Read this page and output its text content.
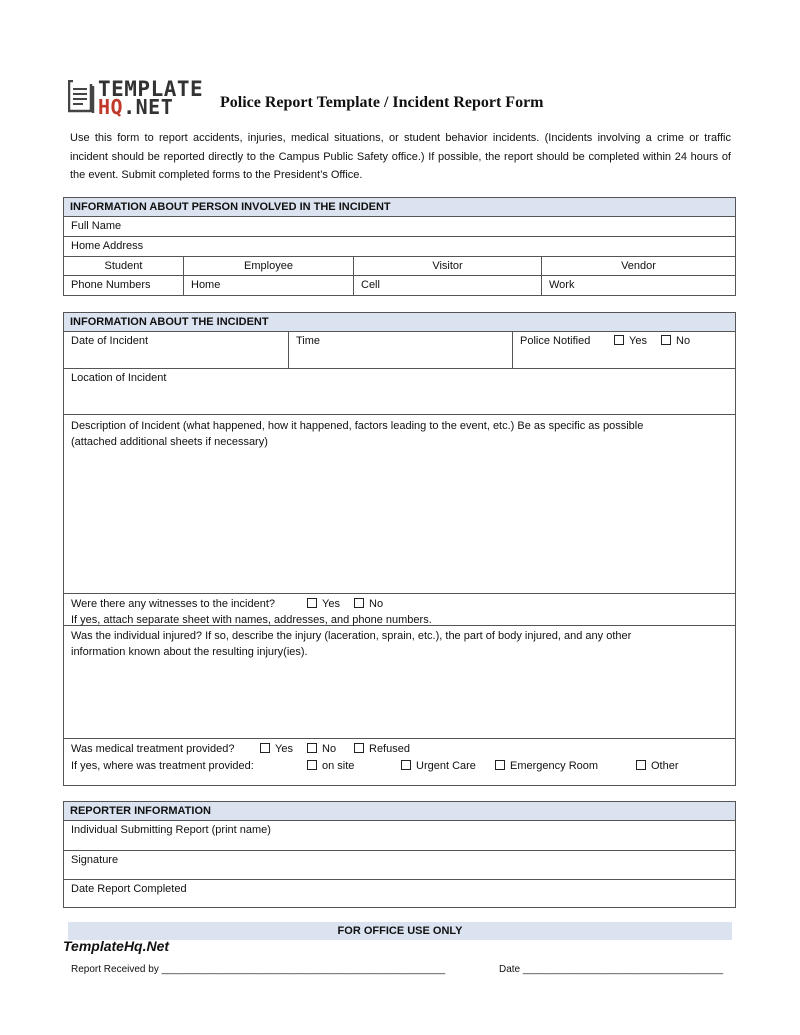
TEMPLATE
HQ.NET	Police Report Template / Incident Report Form
Use this form to report accidents, injuries, medical situations, or student behavior incidents. (Incidents involving a crime or traffic incident should be reported directly to the Campus Public Safety office.) If possible, the report should be completed within 24 hours of the event. Submit completed forms to the President’s Office.
INFORMATION ABOUT PERSON INVOLVED IN THE INCIDENT
Full Name
Home Address
Student	Employee	Visitor	Vendor
Phone Numbers	Home	Cell	Work
INFORMATION ABOUT THE INCIDENT
Date of Incident	Time	Police Notified	Yes	No
Location of Incident
Description of Incident (what happened, how it happened, factors leading to the event, etc.) Be as specific as possible
(attached additional sheets if necessary)
Were there any witnesses to the incident?	Yes	No
If yes, attach separate sheet with names, addresses, and phone numbers.
Was the individual injured? If so, describe the injury (laceration, sprain, etc.), the part of body injured, and any other
information known about the resulting injury(ies).
Was medical treatment provided?	Yes	No	Refused
If yes, where was treatment provided:	on site	Urgent Care	Emergency Room	Other
REPORTER INFORMATION
Individual Submitting Report (print name)
Signature
Date Report Completed
FOR OFFICE USE ONLY
TemplateHq.Net
Report Received by ___________________________________________________	Date ____________________________________
